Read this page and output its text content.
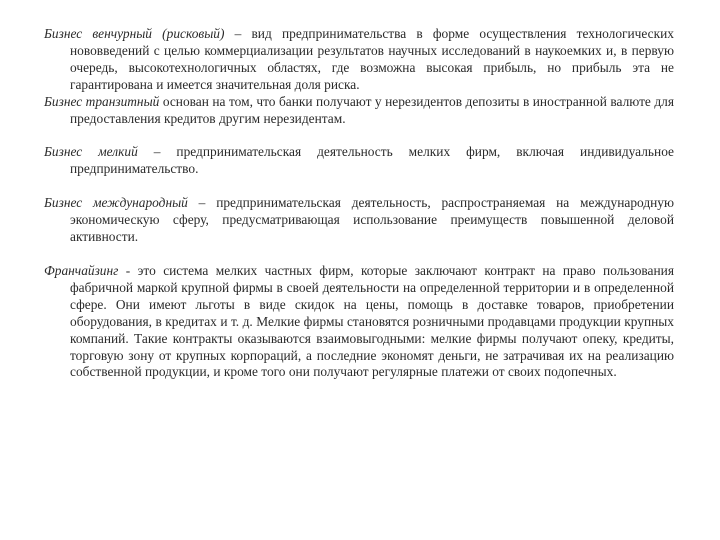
Бизнес венчурный (рисковый) – вид предпринимательства в форме осуществления технологических нововведений с целью коммерциализации результатов научных исследований в наукоемких и, в первую очередь, высокотехнологичных областях, где возможна высокая прибыль, но прибыль эта не гарантирована и имеется значительная доля риска.

Бизнес транзитный основан на том, что банки получают у нерезидентов депозиты в иностранной валюте для предоставления кредитов другим нерезидентам.

Бизнес мелкий – предпринимательская деятельность мелких фирм, включая индивидуальное предпринимательство.

Бизнес международный – предпринимательская деятельность, распространяемая на международную экономическую сферу, предусматривающая использование преимуществ повышенной деловой активности.

Франчайзинг - это система мелких частных фирм, которые заключают контракт на право пользования фабричной маркой крупной фирмы в своей деятельности на определенной территории и в определенной сфере. Они имеют льготы в виде скидок на цены, помощь в доставке товаров, приобретении оборудования, в кредитах и т. д. Мелкие фирмы становятся розничными продавцами продукции крупных компаний. Такие контракты оказываются взаимовыгодными: мелкие фирмы получают опеку, кредиты, торговую зону от крупных корпораций, а последние экономят деньги, не затрачивая их на реализацию собственной продукции, и кроме того они получают регулярные платежи от своих подопечных.
